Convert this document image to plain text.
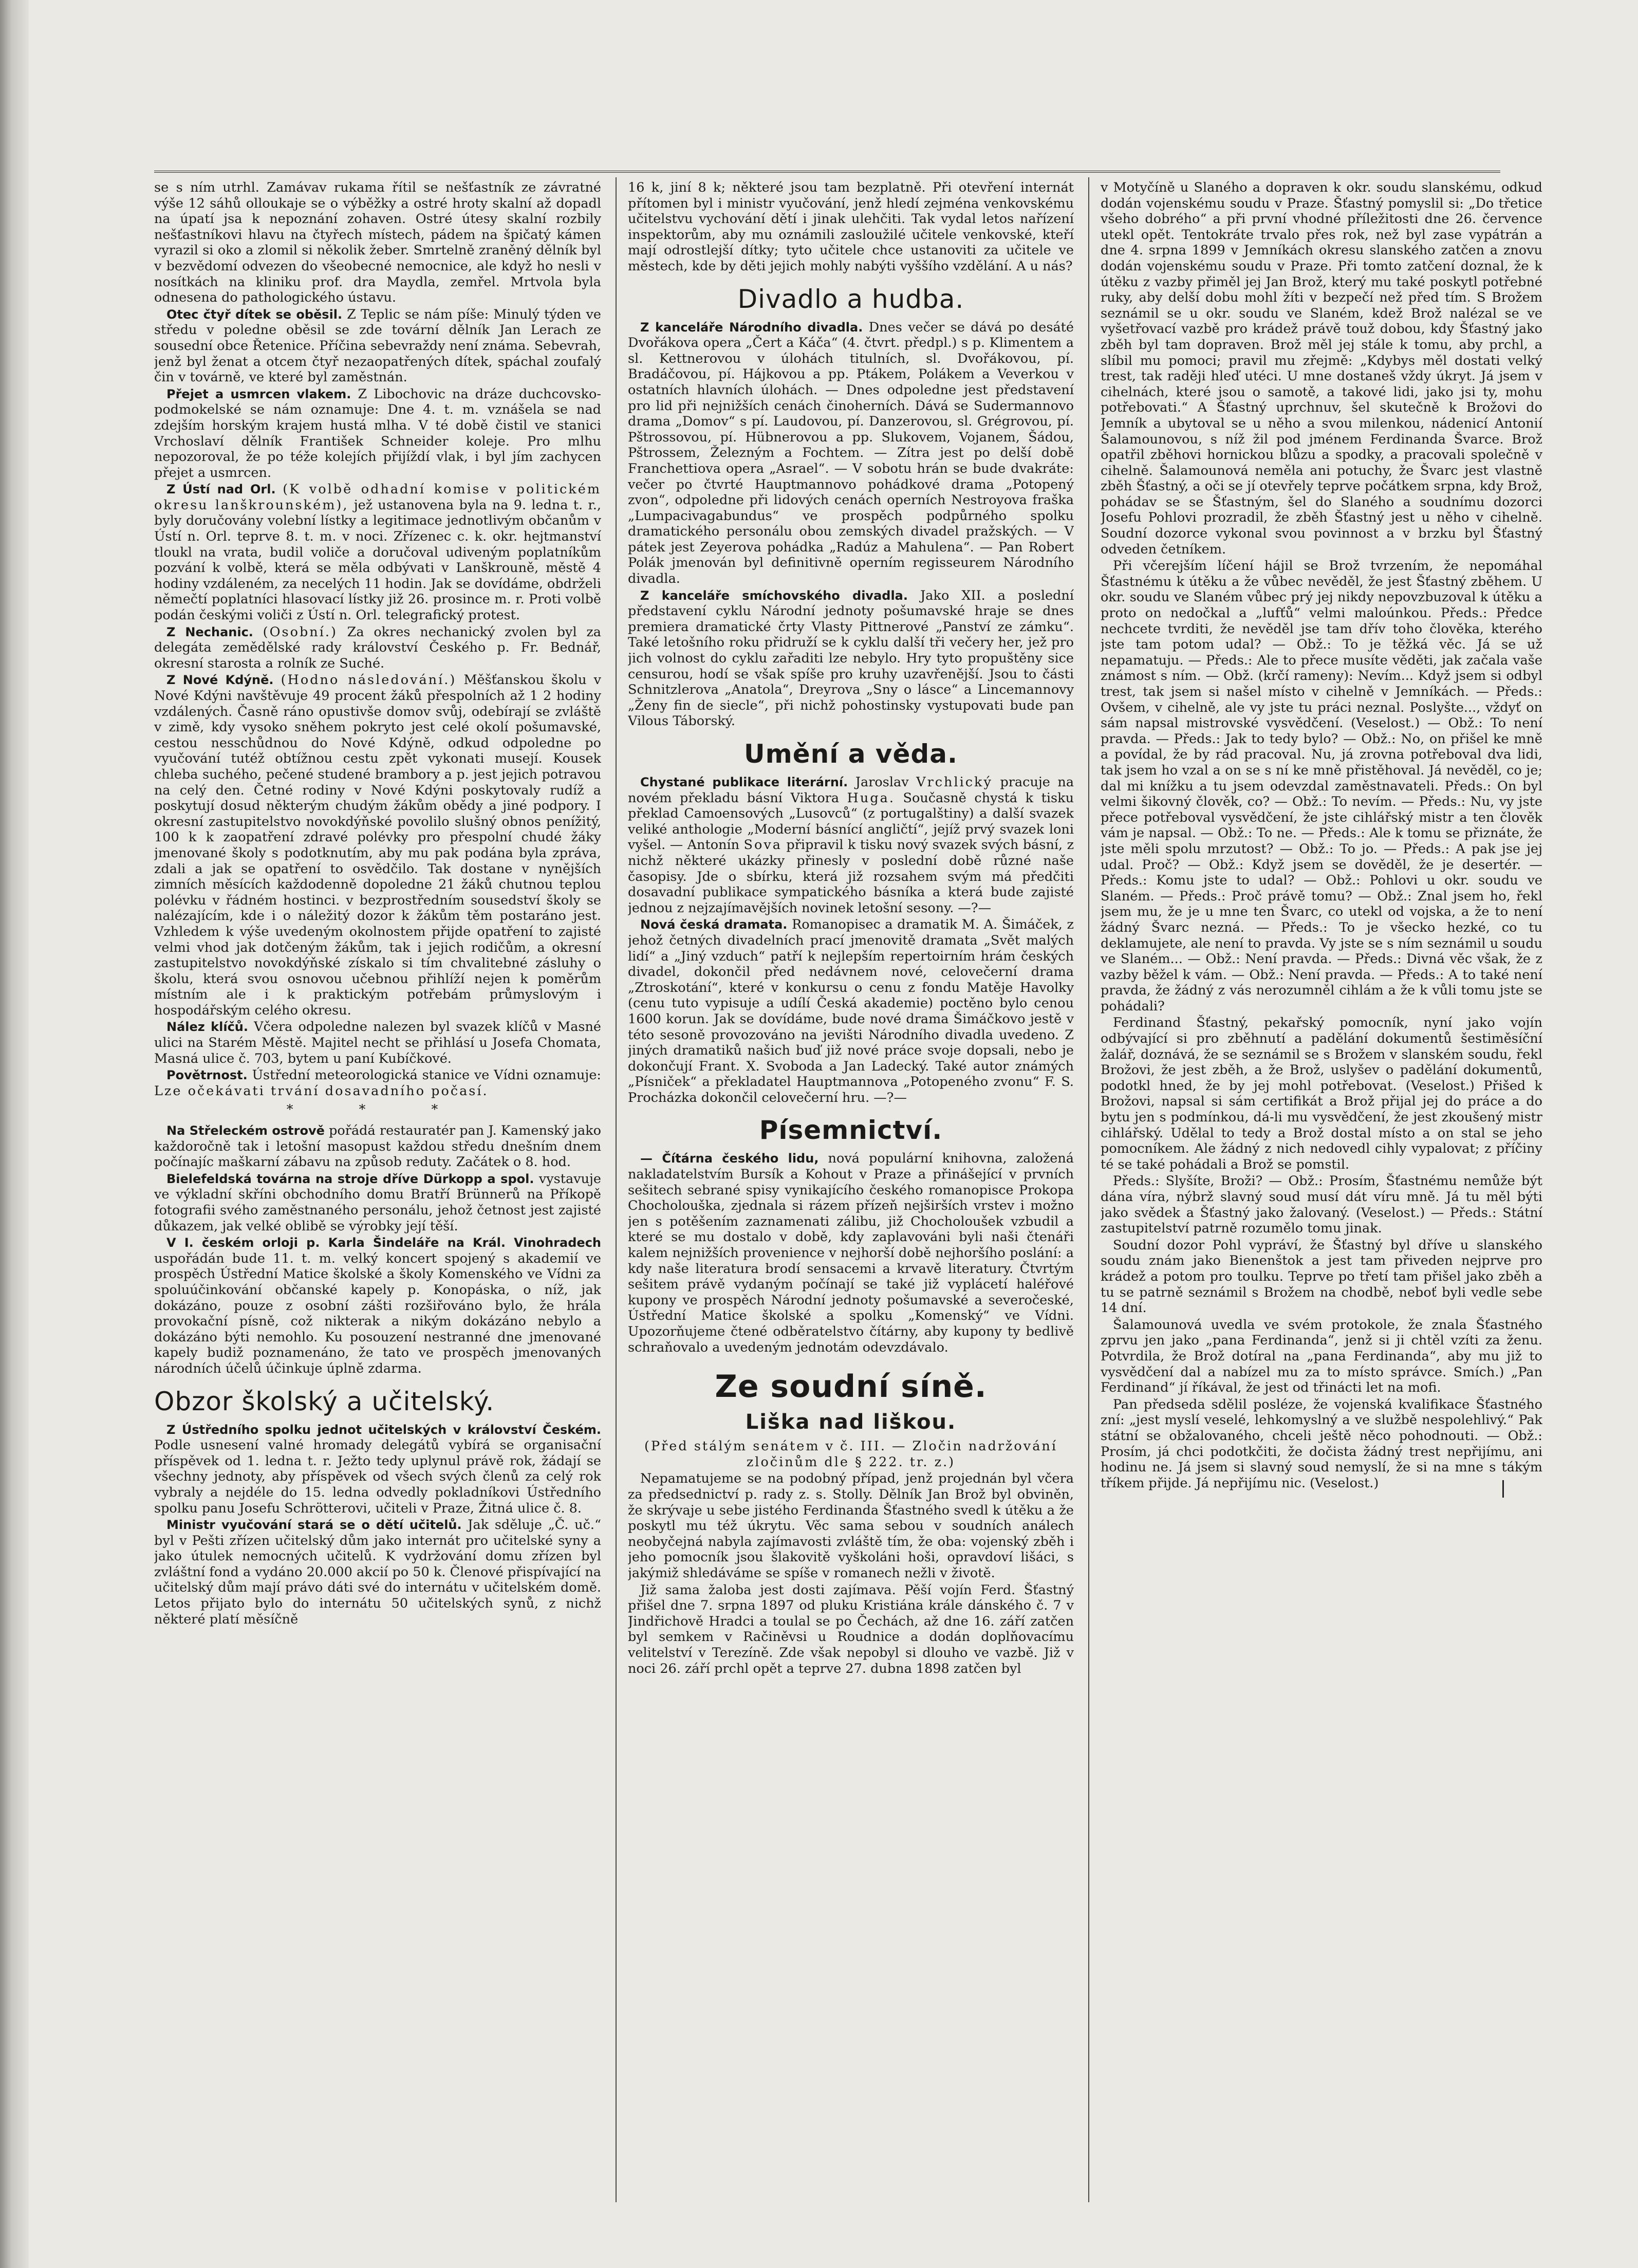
se s ním utrhl. Zamávav rukama řítil se nešťastník ze závratné výše 12 sáhů olloukaje se o výběžky a ostré hroty skalní až dopadl na úpatí jsa k nepoznání zohaven. Ostré útesy skalní rozbily nešťastníkovi hlavu na čtyřech místech, pádem na špičatý kámen vyrazil si oko a zlomil si několik žeber. Smrtelně zraněný dělník byl v bezvědomí odvezen do všeobecné nemocnice, ale když ho nesli v nosítkách na kliniku prof. dra Maydla, zemřel. Mrtvola byla odnesena do pathologického ústavu.

Otec čtyř dítek se oběsil. Z Teplic se nám píše: Minulý týden ve středu v poledne oběsil se zde tovární dělník Jan Lerach ze sousední obce Řetenice. Příčina sebevraždy není známa. Sebevrah, jenž byl ženat a otcem čtyř nezaopatřených dítek, spáchal zoufalý čin v továrně, ve které byl zaměstnán.

Přejet a usmrcen vlakem. Z Libochovic na dráze duchcovsko-podmokelské se nám oznamuje: Dne 4. t. m. vznášela se nad zdejším horským krajem hustá mlha. V té době čistil ve stanici Vrchoslaví dělník František Schneider koleje. Pro mlhu nepozoroval, že po téže kolejích přijíždí vlak, i byl jím zachycen přejet a usmrcen.

Z Ústí nad Orl. (K volbě odhadní komise v politickém okresu lanškrounském), jež ustanovena byla na 9. ledna t. r., byly doručovány volební lístky a legitimace jednotlivým občanům v Ústí n. Orl. teprve 8. t. m. v noci. Zřízenec c. k. okr. hejtmanství tloukl na vrata, budil voliče a doručoval udiveným poplatníkům pozvání k volbě, která se měla odbývati v Lanškrouně, městě 4 hodiny vzdáleném, za necelých 11 hodin. Jak se dovídáme, obdrželi němečtí poplatníci hlasovací lístky již 26. prosince m. r. Proti volbě podán českými voliči z Ústí n. Orl. telegrafický protest.

Z Nechanic. (Osobní.) Za okres nechanický zvolen byl za delegáta zemědělské rady království Českého p. Fr. Bednář, okresní starosta a rolník ze Suché.

Z Nové Kdýně. (Hodno následování.) Měšťanskou školu v Nové Kdýni navštěvuje 49 procent žáků přespolních až 1 2 hodiny vzdálených. Časně ráno opustivše domov svůj, odebírají se zvláště v zimě, kdy vysoko sněhem pokryto jest celé okolí pošumavské, cestou nesschůdnou do Nové Kdýně, odkud odpoledne po vyučování tutéž obtížnou cestu zpět vykonati musejí. Kousek chleba suchého, pečené studené brambory a p. jest jejich potravou na celý den. Četné rodiny v Nové Kdýni poskytovaly rudíž a poskytují dosud některým chudým žákům obědy a jiné podpory. I okresní zastupitelstvo novokdýňské povolilo slušný obnos penížitý, 100 k k zaopatření zdravé polévky pro přespolní chudé žáky jmenované školy s podotknutím, aby mu pak podána byla zpráva, zdali a jak se opatření to osvědčilo. Tak dostane v nynějších zimních měsících každodenně dopoledne 21 žáků chutnou teplou polévku v řádném hostinci. v bezprostředním sousedství školy se nalézajícím, kde i o náležitý dozor k žákům těm postaráno jest. Vzhledem k výše uvedeným okolnostem přijde opatření to zajisté velmi vhod jak dotčeným žákům, tak i jejich rodičům, a okresní zastupitelstvo novokdýňské získalo si tím chvalitebné zásluhy o školu, která svou osnovou učebnou přihlíží nejen k poměrům místním ale i k praktickým potřebám průmyslovým i hospodářským celého okresu.

Nález klíčů. Včera odpoledne nalezen byl svazek klíčů v Masné ulici na Starém Městě. Majitel necht se přihlásí u Josefa Chomata, Masná ulice č. 703, bytem u paní Kubíčkové.

Povětrnost. Ústřední meteorologická stanice ve Vídni oznamuje: Lze očekávati trvání dosavadního počasí.

* * *

Na Střeleckém ostrově pořádá restauratér pan J. Kamenský jako každoročně tak i letošní masopust každou středu dnešním dnem počínajíc maškarní zábavu na způsob reduty. Začátek o 8. hod.

Bielefeldská továrna na stroje dříve Dürkopp a spol. vystavuje ve výkladní skříni obchodního domu Bratří Brünnerů na Příkopě fotografii svého zaměstnaného personálu, jehož četnost jest zajisté důkazem, jak velké oblibě se výrobky její těší.

V I. českém orloji p. Karla Šindeláře na Král. Vinohradech uspořádán bude 11. t. m. velký koncert spojený s akademií ve prospěch Ústřední Matice školské a školy Komenského ve Vídni za spoluúčinkování občanské kapely p. Konopáska, o níž, jak dokázáno, pouze z osobní zášti rozšiřováno bylo, že hrála provokační písně, což nikterak a nikým dokázáno nebylo a dokázáno býti nemohlo. Ku posouzení nestranné dne jmenované kapely budiž poznamenáno, že tato ve prospěch jmenovaných národních účelů účinkuje úplně zdarma.

Obzor školský a učitelský.

Z Ústředního spolku jednot učitelských v království Českém. Podle usnesení valné hromady delegátů vybírá se organisační příspěvek od 1. ledna t. r. Ježto tedy uplynul právě rok, žádají se všechny jednoty, aby příspěvek od všech svých členů za celý rok vybraly a nejdéle do 15. ledna odvedly pokladníkovi Ústředního spolku panu Josefu Schrötterovi, učiteli v Praze, Žitná ulice č. 8.

Ministr vyučování stará se o dětí učitelů. Jak sděluje „Č. uč.“ byl v Pešti zřízen učitelský dům jako internát pro učitelské syny a jako útulek nemocných učitelů. K vydržování domu zřízen byl zvláštní fond a vydáno 20.000 akcií po 50 k. Členové přispívající na učitelský dům mají právo dáti své do internátu v učitelském domě. Letos přijato bylo do internátu 50 učitelských synů, z nichž některé platí měsíčně

16 k, jiní 8 k; některé jsou tam bezplatně. Při otevření internát přítomen byl i ministr vyučování, jenž hledí zejména venkovskému učitelstvu vychování dětí i jinak ulehčiti. Tak vydal letos nařízení inspektorům, aby mu oznámili zasloužilé učitele venkovské, kteří mají odrostlejší dítky; tyto učitele chce ustanoviti za učitele ve městech, kde by děti jejich mohly nabýti vyššího vzdělání. A u nás?

Divadlo a hudba.

Z kanceláře Národního divadla. Dnes večer se dává po desáté Dvořákova opera „Čert a Káča“ (4. čtvrt. předpl.) s p. Klimentem a sl. Kettnerovou v úlohách titulních, sl. Dvořákovou, pí. Bradáčovou, pí. Hájkovou a pp. Ptákem, Polákem a Veverkou v ostatních hlavních úlohách. — Dnes odpoledne jest představení pro lid při nejnižších cenách činoherních. Dává se Sudermannovo drama „Domov“ s pí. Laudovou, pí. Danzerovou, sl. Grégrovou, pí. Pštrossovou, pí. Hübnerovou a pp. Slukovem, Vojanem, Šádou, Pštrossem, Železným a Fochtem. — Zítra jest po delší době Franchettiova opera „Asrael“. — V sobotu hrán se bude dvakráte: večer po čtvrté Hauptmannovo pohádkové drama „Potopený zvon“, odpoledne při lidových cenách operních Nestroyova fraška „Lumpacivagabundus“ ve prospěch podpůrného spolku dramatického personálu obou zemských divadel pražských. — V pátek jest Zeyerova pohádka „Radúz a Mahulena“. — Pan Robert Polák jmenován byl definitivně operním regisseurem Národního divadla.

Z kanceláře smíchovského divadla. Jako XII. a poslední představení cyklu Národní jednoty pošumavské hraje se dnes premiera dramatické črty Vlasty Pittnerové „Panství ze zámku“. Také letošního roku přidruží se k cyklu další tři večery her, jež pro jich volnost do cyklu zařaditi lze nebylo. Hry tyto propuštěny sice censurou, hodí se však spíše pro kruhy uzavřenější. Jsou to části Schnitzlerova „Anatola“, Dreyrova „Sny o lásce“ a Lincemannovy „Ženy fin de siecle“, při nichž pohostinsky vystupovati bude pan Vilous Táborský.

Umění a věda.

Chystané publikace literární. Jaroslav Vrchlický pracuje na novém překladu básní Viktora Huga. Současně chystá k tisku překlad Camoensových „Lusovců“ (z portugalštiny) a další svazek veliké anthologie „Moderní básnící angličtí“, jejíž prvý svazek loni vyšel. — Antonín Sova připravil k tisku nový svazek svých básní, z nichž některé ukázky přinesly v poslední době různé naše časopisy. Jde o sbírku, která již rozsahem svým má předčiti dosavadní publikace sympatického básníka a která bude zajisté jednou z nejzajímavějších novinek letošní sesony. —?—

Nová česká dramata. Romanopisec a dramatik M. A. Šimáček, z jehož četných divadelních prací jmenovitě dramata „Svět malých lidí“ a „Jiný vzduch“ patří k nejlepším repertoirním hrám českých divadel, dokončil před nedávnem nové, celovečerní drama „Ztroskotání“, které v konkursu o cenu z fondu Matěje Havolky (cenu tuto vypisuje a udílí Česká akademie) poctěno bylo cenou 1600 korun. Jak se dovídáme, bude nové drama Šimáčkovo jestě v této sesoně provozováno na jevišti Národního divadla uvedeno. Z jiných dramatiků našich buď již nové práce svoje dopsali, nebo je dokončují Frant. X. Svoboda a Jan Ladecký. Také autor známých „Písniček“ a překladatel Hauptmannova „Potopeného zvonu“ F. S. Procházka dokončil celovečerní hru. —?—

Písemnictví.

— Čítárna českého lidu, nová populární knihovna, založená nakladatelstvím Bursík a Kohout v Praze a přinášející v prvních sešitech sebrané spisy vynikajícího českého romanopisce Prokopa Chocholouška, zjednala si rázem přízeň nejširších vrstev i možno jen s potěšením zaznamenati zálibu, již Chocholoušek vzbudil a které se mu dostalo v době, kdy zaplavováni byli naši čtenáři kalem nejnižších provenience v nejhorší době nejhoršího poslání: a kdy naše literatura brodí sensacemi a krvavě literatury. Čtvrtým sešitem právě vydaným počínají se také již vyplácetí haléřové kupony ve prospěch Národní jednoty pošumavské a severočeské, Ústřední Matice školské a spolku „Komenský“ ve Vídni. Upozorňujeme čtené odběratelstvo čítárny, aby kupony ty bedlivě schraňovalo a uvedeným jednotám odevzdávalo.

Ze soudní síně.
Liška nad liškou.

(Před stálým senátem v č. III. — Zločin nadržování zločinům dle § 222. tr. z.)

Nepamatujeme se na podobný případ, jenž projednán byl včera za předsednictví p. rady z. s. Stolly. Dělník Jan Brož byl obviněn, že skrývaje u sebe jistého Ferdinanda Šťastného svedl k útěku a že poskytl mu též úkrytu. Věc sama sebou v soudních análech neobyčejná nabyla zajímavosti zvláště tím, že oba: vojenský zběh i jeho pomocník jsou šlakovitě vyškoláni hoši, opravdoví lišáci, s jakýmiž shledáváme se spíše v romanech nežli v životě.

Již sama žaloba jest dosti zajímava. Pěší vojín Ferd. Šťastný přišel dne 7. srpna 1897 od pluku Kristiána krále dánského č. 7 v Jindřichově Hradci a toulal se po Čechách, až dne 16. září zatčen byl semkem v Račiněvsi u Roudnice a dodán doplňovacímu velitelství v Terezíně. Zde však nepobyl si dlouho ve vazbě. Již v noci 26. září prchl opět a teprve 27. dubna 1898 zatčen byl

v Motyčíně u Slaného a dopraven k okr. soudu slanskému, odkud dodán vojenskému soudu v Praze. Šťastný pomyslil si: „Do třetice všeho dobrého“ a při první vhodné příležitosti dne 26. července utekl opět. Tentokráte trvalo přes rok, než byl zase vypátrán a dne 4. srpna 1899 v Jemníkách okresu slanského zatčen a znovu dodán vojenskému soudu v Praze. Při tomto zatčení doznal, že k útěku z vazby přiměl jej Jan Brož, který mu také poskytl potřebné ruky, aby delší dobu mohl žíti v bezpečí než před tím. S Brožem seznámil se u okr. soudu ve Slaném, kdež Brož nalézal se ve vyšetřovací vazbě pro krádež právě touž dobou, kdy Šťastný jako zběh byl tam dopraven. Brož měl jej stále k tomu, aby prchl, a slíbil mu pomoci; pravil mu zřejmě: „Kdybys měl dostati velký trest, tak raději hleď utéci. U mne dostaneš vždy úkryt. Já jsem v cihelnách, které jsou o samotě, a takové lidi, jako jsi ty, mohu potřebovati.“ A Šťastný uprchnuv, šel skutečně k Brožovi do Jemník a ubytoval se u něho a svou milenkou, nádenicí Antonií Šalamounovou, s níž žil pod jménem Ferdinanda Švarce. Brož opatřil zběhovi hornickou blůzu a spodky, a pracovali společně v cihelně. Šalamounová neměla ani potuchy, že Švarc jest vlastně zběh Šťastný, a oči se jí otevřely teprve počátkem srpna, kdy Brož, pohádav se se Šťastným, šel do Slaného a soudnímu dozorci Josefu Pohlovi prozradil, že zběh Šťastný jest u něho v cihelně. Soudní dozorce vykonal svou povinnost a v brzku byl Šťastný odveden četníkem.

Při včerejším líčení hájil se Brož tvrzením, že nepomáhal Šťastnému k útěku a že vůbec nevěděl, že jest Šťastný zběhem. U okr. soudu ve Slaném vůbec prý jej nikdy nepovzbuzoval k útěku a proto on nedočkal a „lufťů“ velmi maloúnkou. Předs.: Předce nechcete tvrditi, že nevěděl jse tam dřív toho člověka, kterého jste tam potom udal? — Obž.: To je těžká věc. Já se už nepamatuju. — Předs.: Ale to přece musíte věděti, jak začala vaše známost s ním. — Obž. (krčí rameny): Nevím... Když jsem si odbyl trest, tak jsem si našel místo v cihelně v Jemníkách. — Předs.: Ovšem, v cihelně, ale vy jste tu práci neznal. Poslyšte..., vždyť on sám napsal mistrovské vysvědčení. (Veselost.) — Obž.: To není pravda. — Předs.: Jak to tedy bylo? — Obž.: No, on přišel ke mně a povídal, že by rád pracoval. Nu, já zrovna potřeboval dva lidi, tak jsem ho vzal a on se s ní ke mně přistěhoval. Já nevěděl, co je; dal mi knížku a tu jsem odevzdal zaměstnavateli. Předs.: On byl velmi šikovný člověk, co? — Obž.: To nevím. — Předs.: Nu, vy jste přece potřeboval vysvědčení, že jste cihlářský mistr a ten člověk vám je napsal. — Obž.: To ne. — Předs.: Ale k tomu se přiznáte, že jste měli spolu mrzutost? — Obž.: To jo. — Předs.: A pak jse jej udal. Proč? — Obž.: Když jsem se dověděl, že je desertér. — Předs.: Komu jste to udal? — Obž.: Pohlovi u okr. soudu ve Slaném. — Předs.: Proč právě tomu? — Obž.: Znal jsem ho, řekl jsem mu, že je u mne ten Švarc, co utekl od vojska, a že to není žádný Švarc nezná. — Předs.: To je všecko hezké, co tu deklamujete, ale není to pravda. Vy jste se s ním seznámil u soudu ve Slaném... — Obž.: Není pravda. — Předs.: Divná věc však, že z vazby běžel k vám. — Obž.: Není pravda. — Předs.: A to také není pravda, že žádný z vás nerozumněl cihlám a že k vůli tomu jste se pohádali?

Ferdinand Šťastný, pekařský pomocník, nyní jako vojín odbývající si pro zběhnutí a padělání dokumentů šestiměsíční žalář, doznává, že se seznámil se s Brožem v slanském soudu, řekl Brožovi, že jest zběh, a že Brož, uslyšev o padělání dokumentů, podotkl hned, že by jej mohl potřebovat. (Veselost.) Přišed k Brožovi, napsal si sám certifikát a Brož přijal jej do práce a do bytu jen s podmínkou, dá-li mu vysvědčení, že jest zkoušený mistr cihlářský. Udělal to tedy a Brož dostal místo a on stal se jeho pomocníkem. Ale žádný z nich nedovedl cihly vypalovat; z příčiny té se také pohádali a Brož se pomstil.

Předs.: Slyšíte, Broži? — Obž.: Prosím, Šťastnému nemůže být dána víra, nýbrž slavný soud musí dát víru mně. Já tu měl býti jako svědek a Šťastný jako žalovaný. (Veselost.) — Předs.: Státní zastupitelství patrně rozumělo tomu jinak.

Soudní dozor Pohl vypráví, že Šťastný byl dříve u slanského soudu znám jako Bienenštok a jest tam přiveden nejprve pro krádež a potom pro toulku. Teprve po třetí tam přišel jako zběh a tu se patrně seznámil s Brožem na chodbě, neboť byli vedle sebe 14 dní.

Šalamounová uvedla ve svém protokole, že znala Šťastného zprvu jen jako „pana Ferdinanda“, jenž si ji chtěl vzíti za ženu. Potvrdila, že Brož dotíral na „pana Ferdinanda“, aby mu již to vysvědčení dal a nabízel mu za to místo správce. Smích.) „Pan Ferdinand“ jí říkával, že jest od třinácti let na mofi.

Pan předseda sdělil posléze, že vojenská kvalifikace Šťastného zní: „jest myslí veselé, lehkomyslný a ve službě nespolehlivý.“ Pak státní se obžalovaného, chceli ještě něco pohodnouti. — Obž.: Prosím, já chci podotkčiti, že dočista žádný trest nepřijímu, ani hodinu ne. Já jsem si slavný soud nemyslí, že si na mne s tákým tříkem přijde. Já nepřijímu nic. (Veselost.)
